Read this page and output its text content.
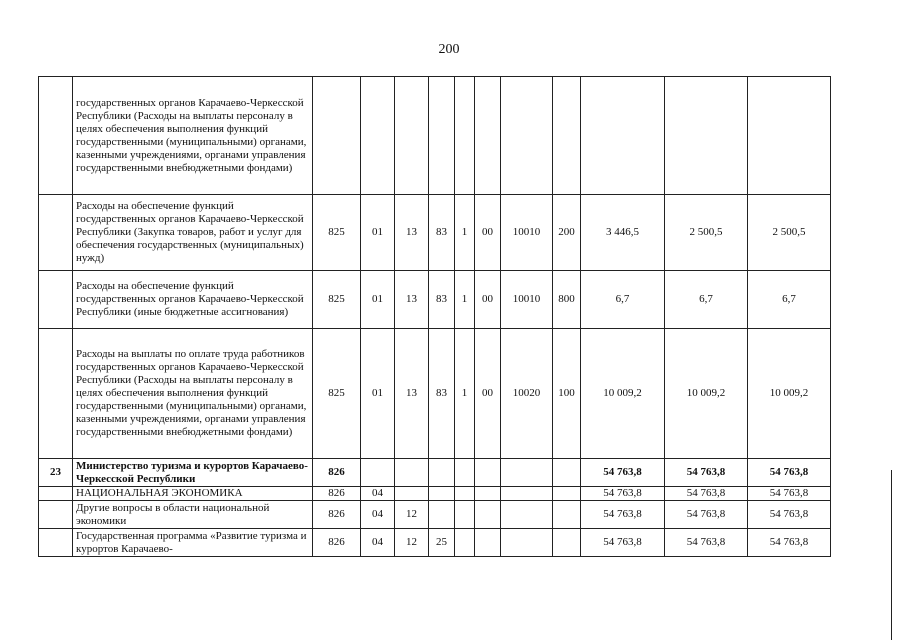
200
	государственных органов Карачаево-Черкесской Республики (Расходы на выплаты персоналу в целях обеспечения выполнения функций государственными (муниципальными) органами, казенными учреждениями, органами управления государственными внебюджетными фондами)											
	Расходы на обеспечение функций государственных органов Карачаево-Черкесской Республики (Закупка товаров, работ и услуг для обеспечения государственных (муниципальных) нужд)	825	01	13	83	1	00	10010	200	3 446,5	2 500,5	2 500,5
	Расходы на обеспечение функций государственных органов Карачаево-Черкесской Республики (иные бюджетные ассигнования)	825	01	13	83	1	00	10010	800	6,7	6,7	6,7
	Расходы на выплаты по оплате труда работников государственных органов Карачаево-Черкесской Республики (Расходы на выплаты персоналу в целях обеспечения выполнения функций государственными (муниципальными) органами, казенными учреждениями, органами управления государственными внебюджетными фондами)	825	01	13	83	1	00	10020	100	10 009,2	10 009,2	10 009,2
23	Министерство туризма и курортов Карачаево-Черкесской Республики	826								54 763,8	54 763,8	54 763,8
	НАЦИОНАЛЬНАЯ ЭКОНОМИКА	826	04							54 763,8	54 763,8	54 763,8
	Другие вопросы в области национальной экономики	826	04	12						54 763,8	54 763,8	54 763,8
	Государственная программа «Развитие туризма и курортов Карачаево-	826	04	12	25					54 763,8	54 763,8	54 763,8
